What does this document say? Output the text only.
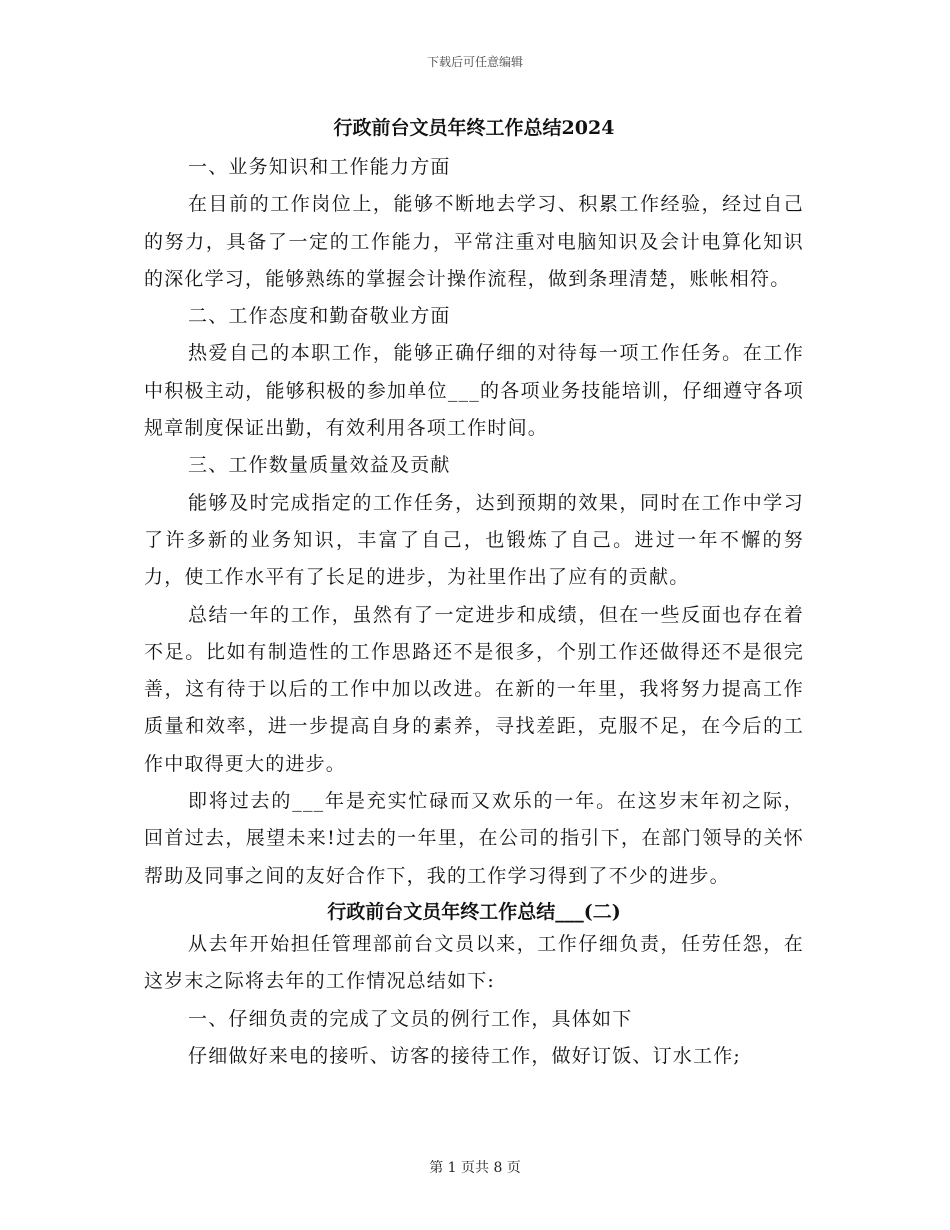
下载后可任意编辑
行政前台文员年终工作总结2024

一、业务知识和工作能力方面

在目前的工作岗位上，能够不断地去学习、积累工作经验，经过自己的努力，具备了一定的工作能力，平常注重对电脑知识及会计电算化知识的深化学习，能够熟练的掌握会计操作流程，做到条理清楚，账帐相符。

二、工作态度和勤奋敬业方面

热爱自己的本职工作，能够正确仔细的对待每一项工作任务。在工作中积极主动，能够积极的参加单位___的各项业务技能培训，仔细遵守各项规章制度保证出勤，有效利用各项工作时间。

三、工作数量质量效益及贡献

能够及时完成指定的工作任务，达到预期的效果，同时在工作中学习了许多新的业务知识，丰富了自己，也锻炼了自己。进过一年不懈的努力，使工作水平有了长足的进步，为社里作出了应有的贡献。

总结一年的工作，虽然有了一定进步和成绩，但在一些反面也存在着不足。比如有制造性的工作思路还不是很多，个别工作还做得还不是很完善，这有待于以后的工作中加以改进。在新的一年里，我将努力提高工作质量和效率，进一步提高自身的素养，寻找差距，克服不足，在今后的工作中取得更大的进步。

即将过去的___年是充实忙碌而又欢乐的一年。在这岁末年初之际，回首过去，展望未来!过去的一年里，在公司的指引下，在部门领导的关怀帮助及同事之间的友好合作下，我的工作学习得到了不少的进步。

行政前台文员年终工作总结___(二)

从去年开始担任管理部前台文员以来，工作仔细负责，任劳任怨，在这岁末之际将去年的工作情况总结如下:

一、仔细负责的完成了文员的例行工作，具体如下

仔细做好来电的接听、访客的接待工作，做好订饭、订水工作;

第 1 页共 8 页
